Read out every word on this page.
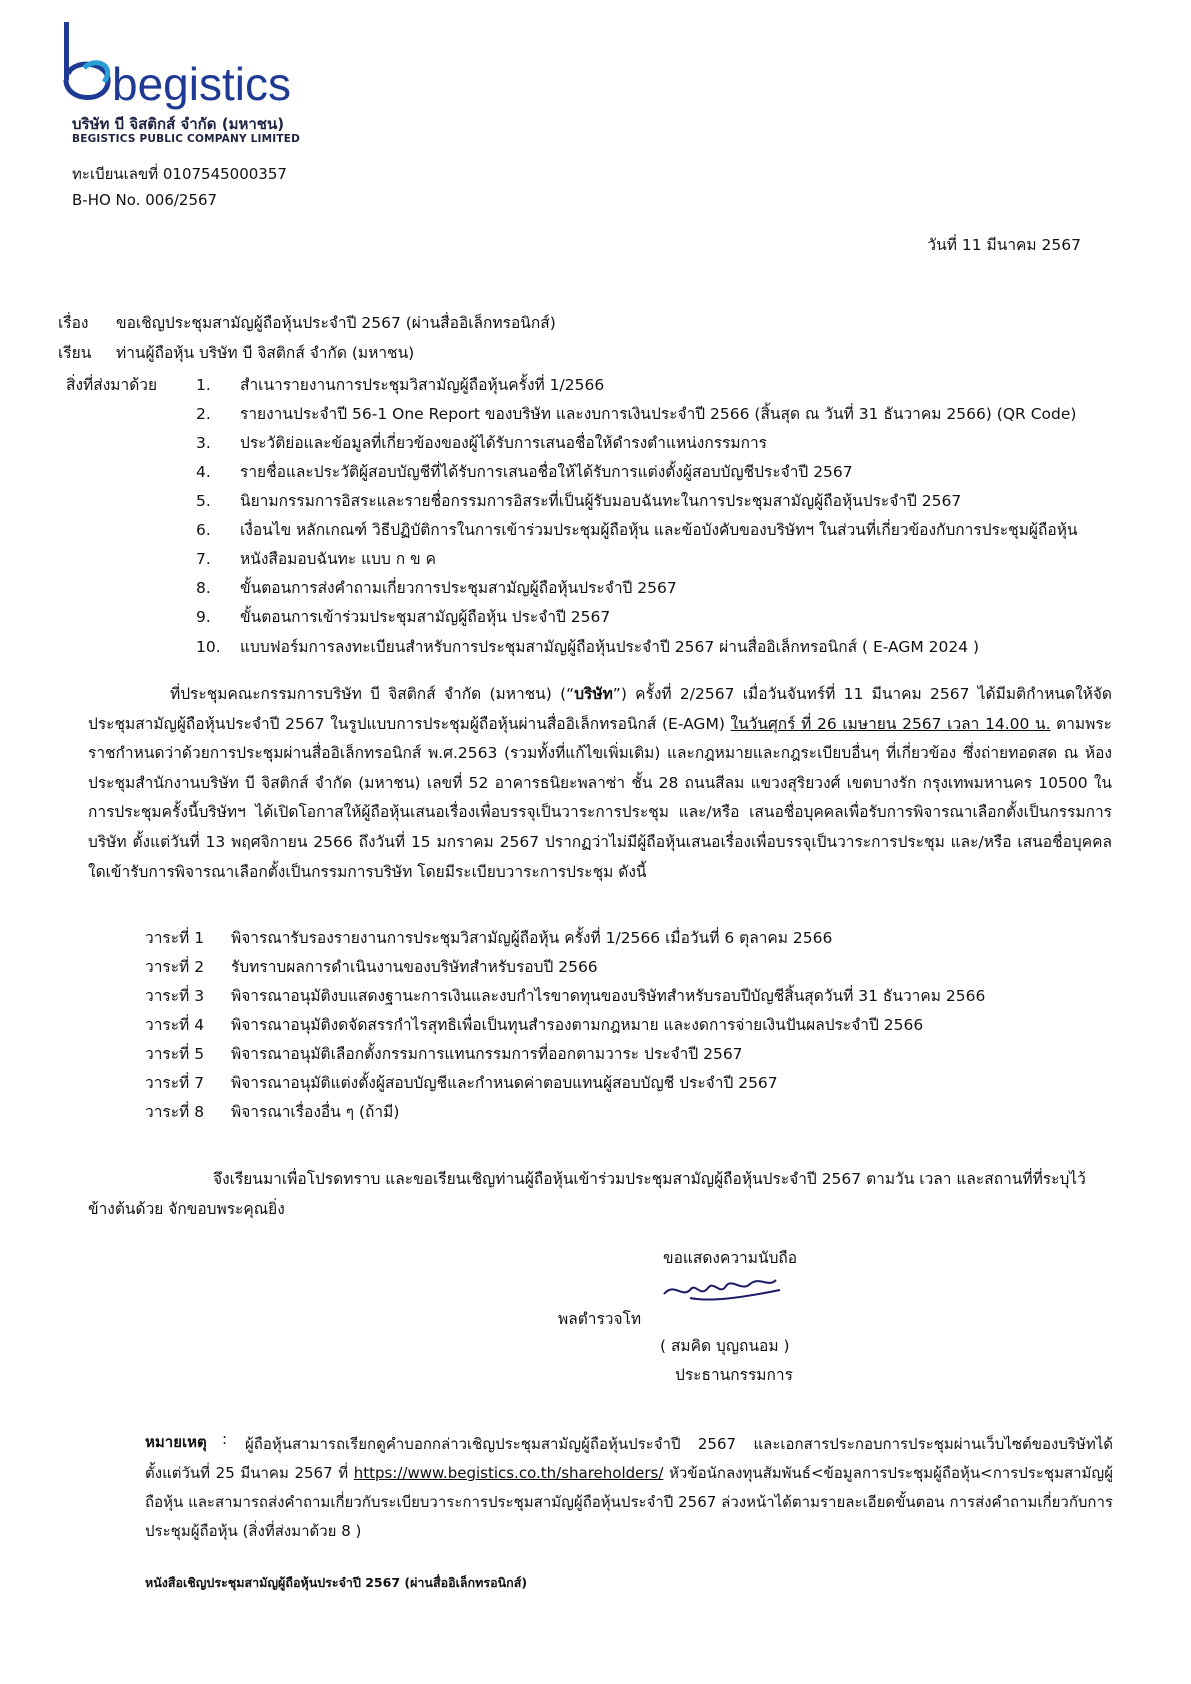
begistics
บริษัท บี จิสติกส์ จำกัด (มหาชน)
BEGISTICS PUBLIC COMPANY LIMITED
ทะเบียนเลขที่ 0107545000357
B-HO No. 006/2567
วันที่ 11 มีนาคม 2567
เรื่อง ขอเชิญประชุมสามัญผู้ถือหุ้นประจำปี 2567 (ผ่านสื่ออิเล็กทรอนิกส์)
เรียน ท่านผู้ถือหุ้น บริษัท บี จิสติกส์ จำกัด (มหาชน)
สิ่งที่ส่งมาด้วย	1. สำเนารายงานการประชุมวิสามัญผู้ถือหุ้นครั้งที่ 1/2566
2. รายงานประจำปี 56-1 One Report ของบริษัท และงบการเงินประจำปี 2566 (สิ้นสุด ณ วันที่ 31 ธันวาคม 2566) (QR Code)
3. ประวัติย่อและข้อมูลที่เกี่ยวข้องของผู้ได้รับการเสนอชื่อให้ดำรงตำแหน่งกรรมการ
4. รายชื่อและประวัติผู้สอบบัญชีที่ได้รับการเสนอชื่อให้ได้รับการแต่งตั้งผู้สอบบัญชีประจำปี 2567
5. นิยามกรรมการอิสระและรายชื่อกรรมการอิสระที่เป็นผู้รับมอบฉันทะในการประชุมสามัญผู้ถือหุ้นประจำปี 2567
6. เงื่อนไข หลักเกณฑ์ วิธีปฏิบัติการในการเข้าร่วมประชุมผู้ถือหุ้น และข้อบังคับของบริษัทฯ ในส่วนที่เกี่ยวข้องกับการประชุมผู้ถือหุ้น
7. หนังสือมอบฉันทะ แบบ ก ข ค
8. ขั้นตอนการส่งคำถามเกี่ยวการประชุมสามัญผู้ถือหุ้นประจำปี 2567
9. ขั้นตอนการเข้าร่วมประชุมสามัญผู้ถือหุ้น ประจำปี 2567
10. แบบฟอร์มการลงทะเบียนสำหรับการประชุมสามัญผู้ถือหุ้นประจำปี 2567 ผ่านสื่ออิเล็กทรอนิกส์ ( E-AGM 2024 )
ที่ประชุมคณะกรรมการบริษัท บี จิสติกส์ จำกัด (มหาชน) (“บริษัท”) ครั้งที่ 2/2567 เมื่อวันจันทร์ที่ 11 มีนาคม 2567 ได้มีมติกำหนดให้จัดประชุมสามัญผู้ถือหุ้นประจำปี 2567 ในรูปแบบการประชุมผู้ถือหุ้นผ่านสื่ออิเล็กทรอนิกส์ (E-AGM) ในวันศุกร์ ที่ 26 เมษายน 2567 เวลา 14.00 น. ตามพระราชกำหนดว่าด้วยการประชุมผ่านสื่ออิเล็กทรอนิกส์ พ.ศ.2563 (รวมทั้งที่แก้ไขเพิ่มเติม) และกฎหมายและกฎระเบียบอื่นๆ ที่เกี่ยวข้อง ซึ่งถ่ายทอดสด ณ ห้องประชุมสำนักงานบริษัท บี จิสติกส์ จำกัด (มหาชน) เลขที่ 52 อาคารธนิยะพลาซ่า ชั้น 28 ถนนสีลม แขวงสุริยวงศ์ เขตบางรัก กรุงเทพมหานคร 10500 ในการประชุมครั้งนี้บริษัทฯ ได้เปิดโอกาสให้ผู้ถือหุ้นเสนอเรื่องเพื่อบรรจุเป็นวาระการประชุม และ/หรือ เสนอชื่อบุคคลเพื่อรับการพิจารณาเลือกตั้งเป็นกรรมการบริษัท ตั้งแต่วันที่ 13 พฤศจิกายน 2566 ถึงวันที่ 15 มกราคม 2567 ปรากฏว่าไม่มีผู้ถือหุ้นเสนอเรื่องเพื่อบรรจุเป็นวาระการประชุม และ/หรือ เสนอชื่อบุคคลใดเข้ารับการพิจารณาเลือกตั้งเป็นกรรมการบริษัท โดยมีระเบียบวาระการประชุม ดังนี้
วาระที่ 1 พิจารณารับรองรายงานการประชุมวิสามัญผู้ถือหุ้น ครั้งที่ 1/2566 เมื่อวันที่ 6 ตุลาคม 2566
วาระที่ 2 รับทราบผลการดำเนินงานของบริษัทสำหรับรอบปี 2566
วาระที่ 3 พิจารณาอนุมัติงบแสดงฐานะการเงินและงบกำไรขาดทุนของบริษัทสำหรับรอบปีบัญชีสิ้นสุดวันที่ 31 ธันวาคม 2566
วาระที่ 4 พิจารณาอนุมัติงดจัดสรรกำไรสุทธิเพื่อเป็นทุนสำรองตามกฎหมาย และงดการจ่ายเงินปันผลประจำปี 2566
วาระที่ 5 พิจารณาอนุมัติเลือกตั้งกรรมการแทนกรรมการที่ออกตามวาระ ประจำปี 2567
วาระที่ 7 พิจารณาอนุมัติแต่งตั้งผู้สอบบัญชีและกำหนดค่าตอบแทนผู้สอบบัญชี ประจำปี 2567
วาระที่ 8 พิจารณาเรื่องอื่น ๆ (ถ้ามี)
จึงเรียนมาเพื่อโปรดทราบ และขอเรียนเชิญท่านผู้ถือหุ้นเข้าร่วมประชุมสามัญผู้ถือหุ้นประจำปี 2567 ตามวัน เวลา และสถานที่ที่ระบุไว้ข้างต้นด้วย จักขอบพระคุณยิ่ง
ขอแสดงความนับถือ
พลตำรวจโท
( สมคิด บุญถนอม )
ประธานกรรมการ
หมายเหตุ :	ผู้ถือหุ้นสามารถเรียกดูคำบอกกล่าวเชิญประชุมสามัญผู้ถือหุ้นประจำปี 2567 และเอกสารประกอบการประชุมผ่านเว็บไซต์ของบริษัทได้ตั้งแต่วันที่ 25 มีนาคม 2567 ที่ https://www.begistics.co.th/shareholders/ หัวข้อนักลงทุนสัมพันธ์<ข้อมูลการประชุมผู้ถือหุ้น<การประชุมสามัญผู้ถือหุ้น และสามารถส่งคำถามเกี่ยวกับระเบียบวาระการประชุมสามัญผู้ถือหุ้นประจำปี 2567 ล่วงหน้าได้ตามรายละเอียดขั้นตอน การส่งคำถามเกี่ยวกับการประชุมผู้ถือหุ้น (สิ่งที่ส่งมาด้วย 8 )
หนังสือเชิญประชุมสามัญผู้ถือหุ้นประจำปี 2567 (ผ่านสื่ออิเล็กทรอนิกส์)
